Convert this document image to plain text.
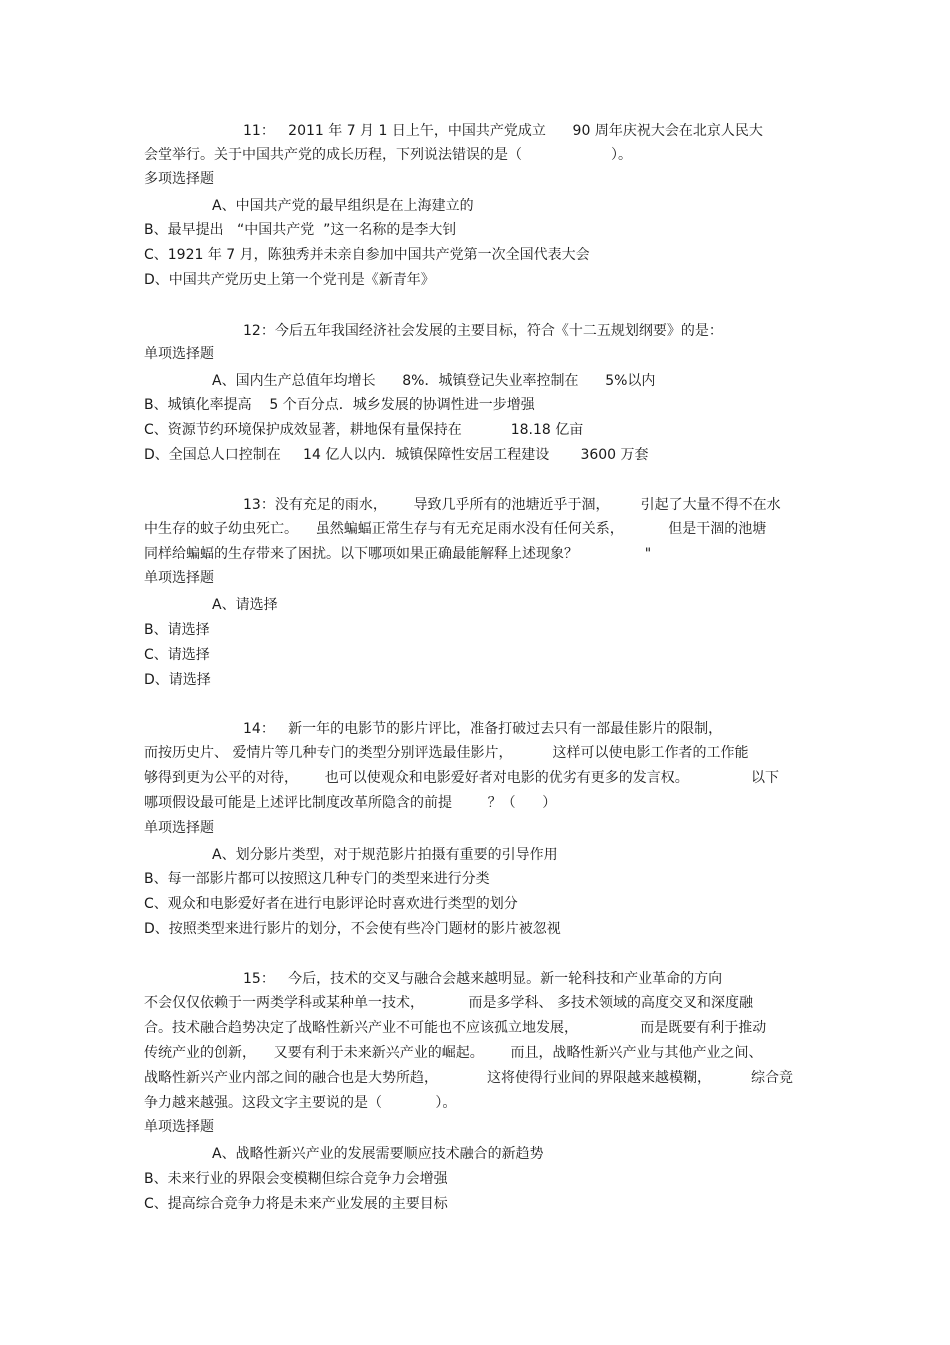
11：   2011 年 7 月 1 日上午，中国共产党成立      90 周年庆祝大会在北京人民大
会堂举行。关于中国共产党的成长历程，下列说法错误的是（                    ）。
多项选择题
A、中国共产党的最早组织是在上海建立的
B、最早提出   “中国共产党  ”这一名称的是李大钊
C、1921 年 7 月，陈独秀并未亲自参加中国共产党第一次全国代表大会
D、中国共产党历史上第一个党刊是《新青年》
12：今后五年我国经济社会发展的主要目标，符合《十二五规划纲要》的是：
单项选择题
A、国内生产总值年均增长      8%．城镇登记失业率控制在      5%以内
B、城镇化率提高    5 个百分点．城乡发展的协调性进一步增强
C、资源节约环境保护成效显著，耕地保有量保持在           18.18 亿亩
D、全国总人口控制在     14 亿人以内．城镇保障性安居工程建设       3600 万套
13：没有充足的雨水，      导致几乎所有的池塘近乎于涸，       引起了大量不得不在水
中生存的蚊子幼虫死亡。    虽然蝙蝠正常生存与有无充足雨水没有任何关系，          但是干涸的池塘
同样给蝙蝠的生存带来了困扰。以下哪项如果正确最能解释上述现象？               "
单项选择题
A、请选择
B、请选择
C、请选择
D、请选择
14：   新一年的电影节的影片评比，准备打破过去只有一部最佳影片的限制，
而按历史片、 爱情片等几种专门的类型分别评选最佳影片，         这样可以使电影工作者的工作能
够得到更为公平的对待，      也可以使观众和电影爱好者对电影的优劣有更多的发言权。              以下
哪项假设最可能是上述评比制度改革所隐含的前提        ？（      ）
单项选择题
A、划分影片类型，对于规范影片拍摄有重要的引导作用
B、每一部影片都可以按照这几种专门的类型来进行分类
C、观众和电影爱好者在进行电影评论时喜欢进行类型的划分
D、按照类型来进行影片的划分，不会使有些冷门题材的影片被忽视
15：   今后，技术的交叉与融合会越来越明显。新一轮科技和产业革命的方向
不会仅仅依赖于一两类学科或某种单一技术，          而是多学科、 多技术领域的高度交叉和深度融
合。技术融合趋势决定了战略性新兴产业不可能也不应该孤立地发展，              而是既要有利于推动
传统产业的创新，    又要有利于未来新兴产业的崛起。      而且，战略性新兴产业与其他产业之间、
战略性新兴产业内部之间的融合也是大势所趋，           这将使得行业间的界限越来越模糊，         综合竞
争力越来越强。这段文字主要说的是（            ）。
单项选择题
A、战略性新兴产业的发展需要顺应技术融合的新趋势
B、未来行业的界限会变模糊但综合竞争力会增强
C、提高综合竞争力将是未来产业发展的主要目标
